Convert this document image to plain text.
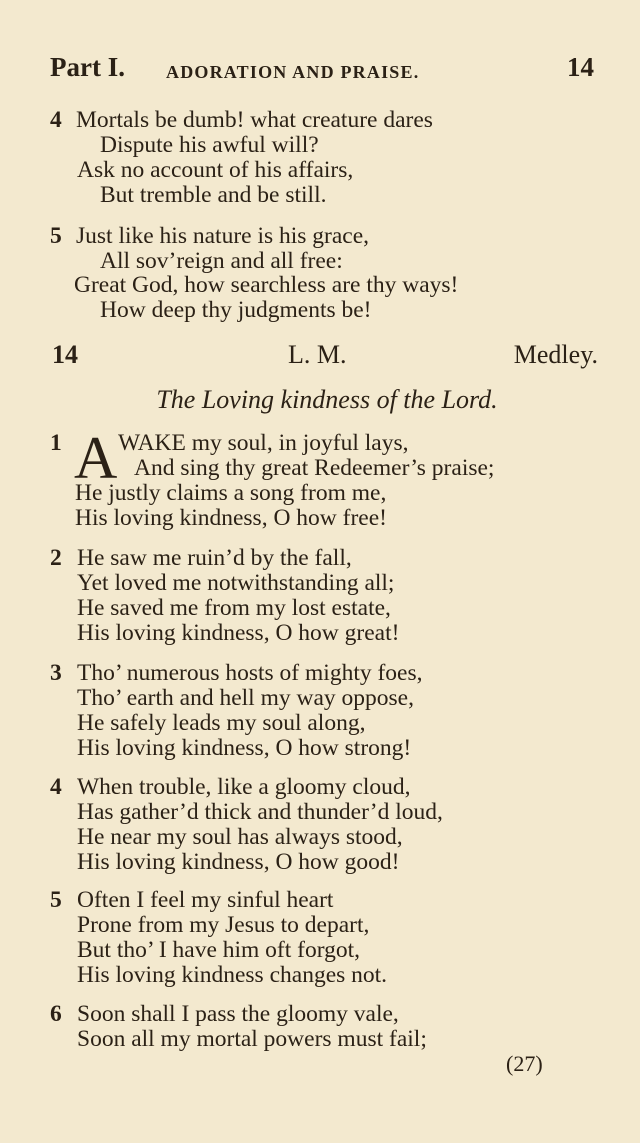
Part I. ADORATION AND PRAISE.	14
4 Mortals be dumb! what creature dares
Dispute his awful will?
Ask no account of his affairs,
But tremble and be still.
5 Just like his nature is his grace,
All sov’reign and all free:
Great God, how searchless are thy ways!
How deep thy judgments be!
14	L. M.	Medley.
The Loving kindness of the Lord.
1 A WAKE my soul, in joyful lays,
And sing thy great Redeemer’s praise;
He justly claims a song from me,
His loving kindness, O how free!
2 He saw me ruin’d by the fall,
Yet loved me notwithstanding all;
He saved me from my lost estate,
His loving kindness, O how great!
3 Tho’ numerous hosts of mighty foes,
Tho’ earth and hell my way oppose,
He safely leads my soul along,
His loving kindness, O how strong!
4 When trouble, like a gloomy cloud,
Has gather’d thick and thunder’d loud,
He near my soul has always stood,
His loving kindness, O how good!
5 Often I feel my sinful heart
Prone from my Jesus to depart,
But tho’ I have him oft forgot,
His loving kindness changes not.
6 Soon shall I pass the gloomy vale,
Soon all my mortal powers must fail;
(27)
